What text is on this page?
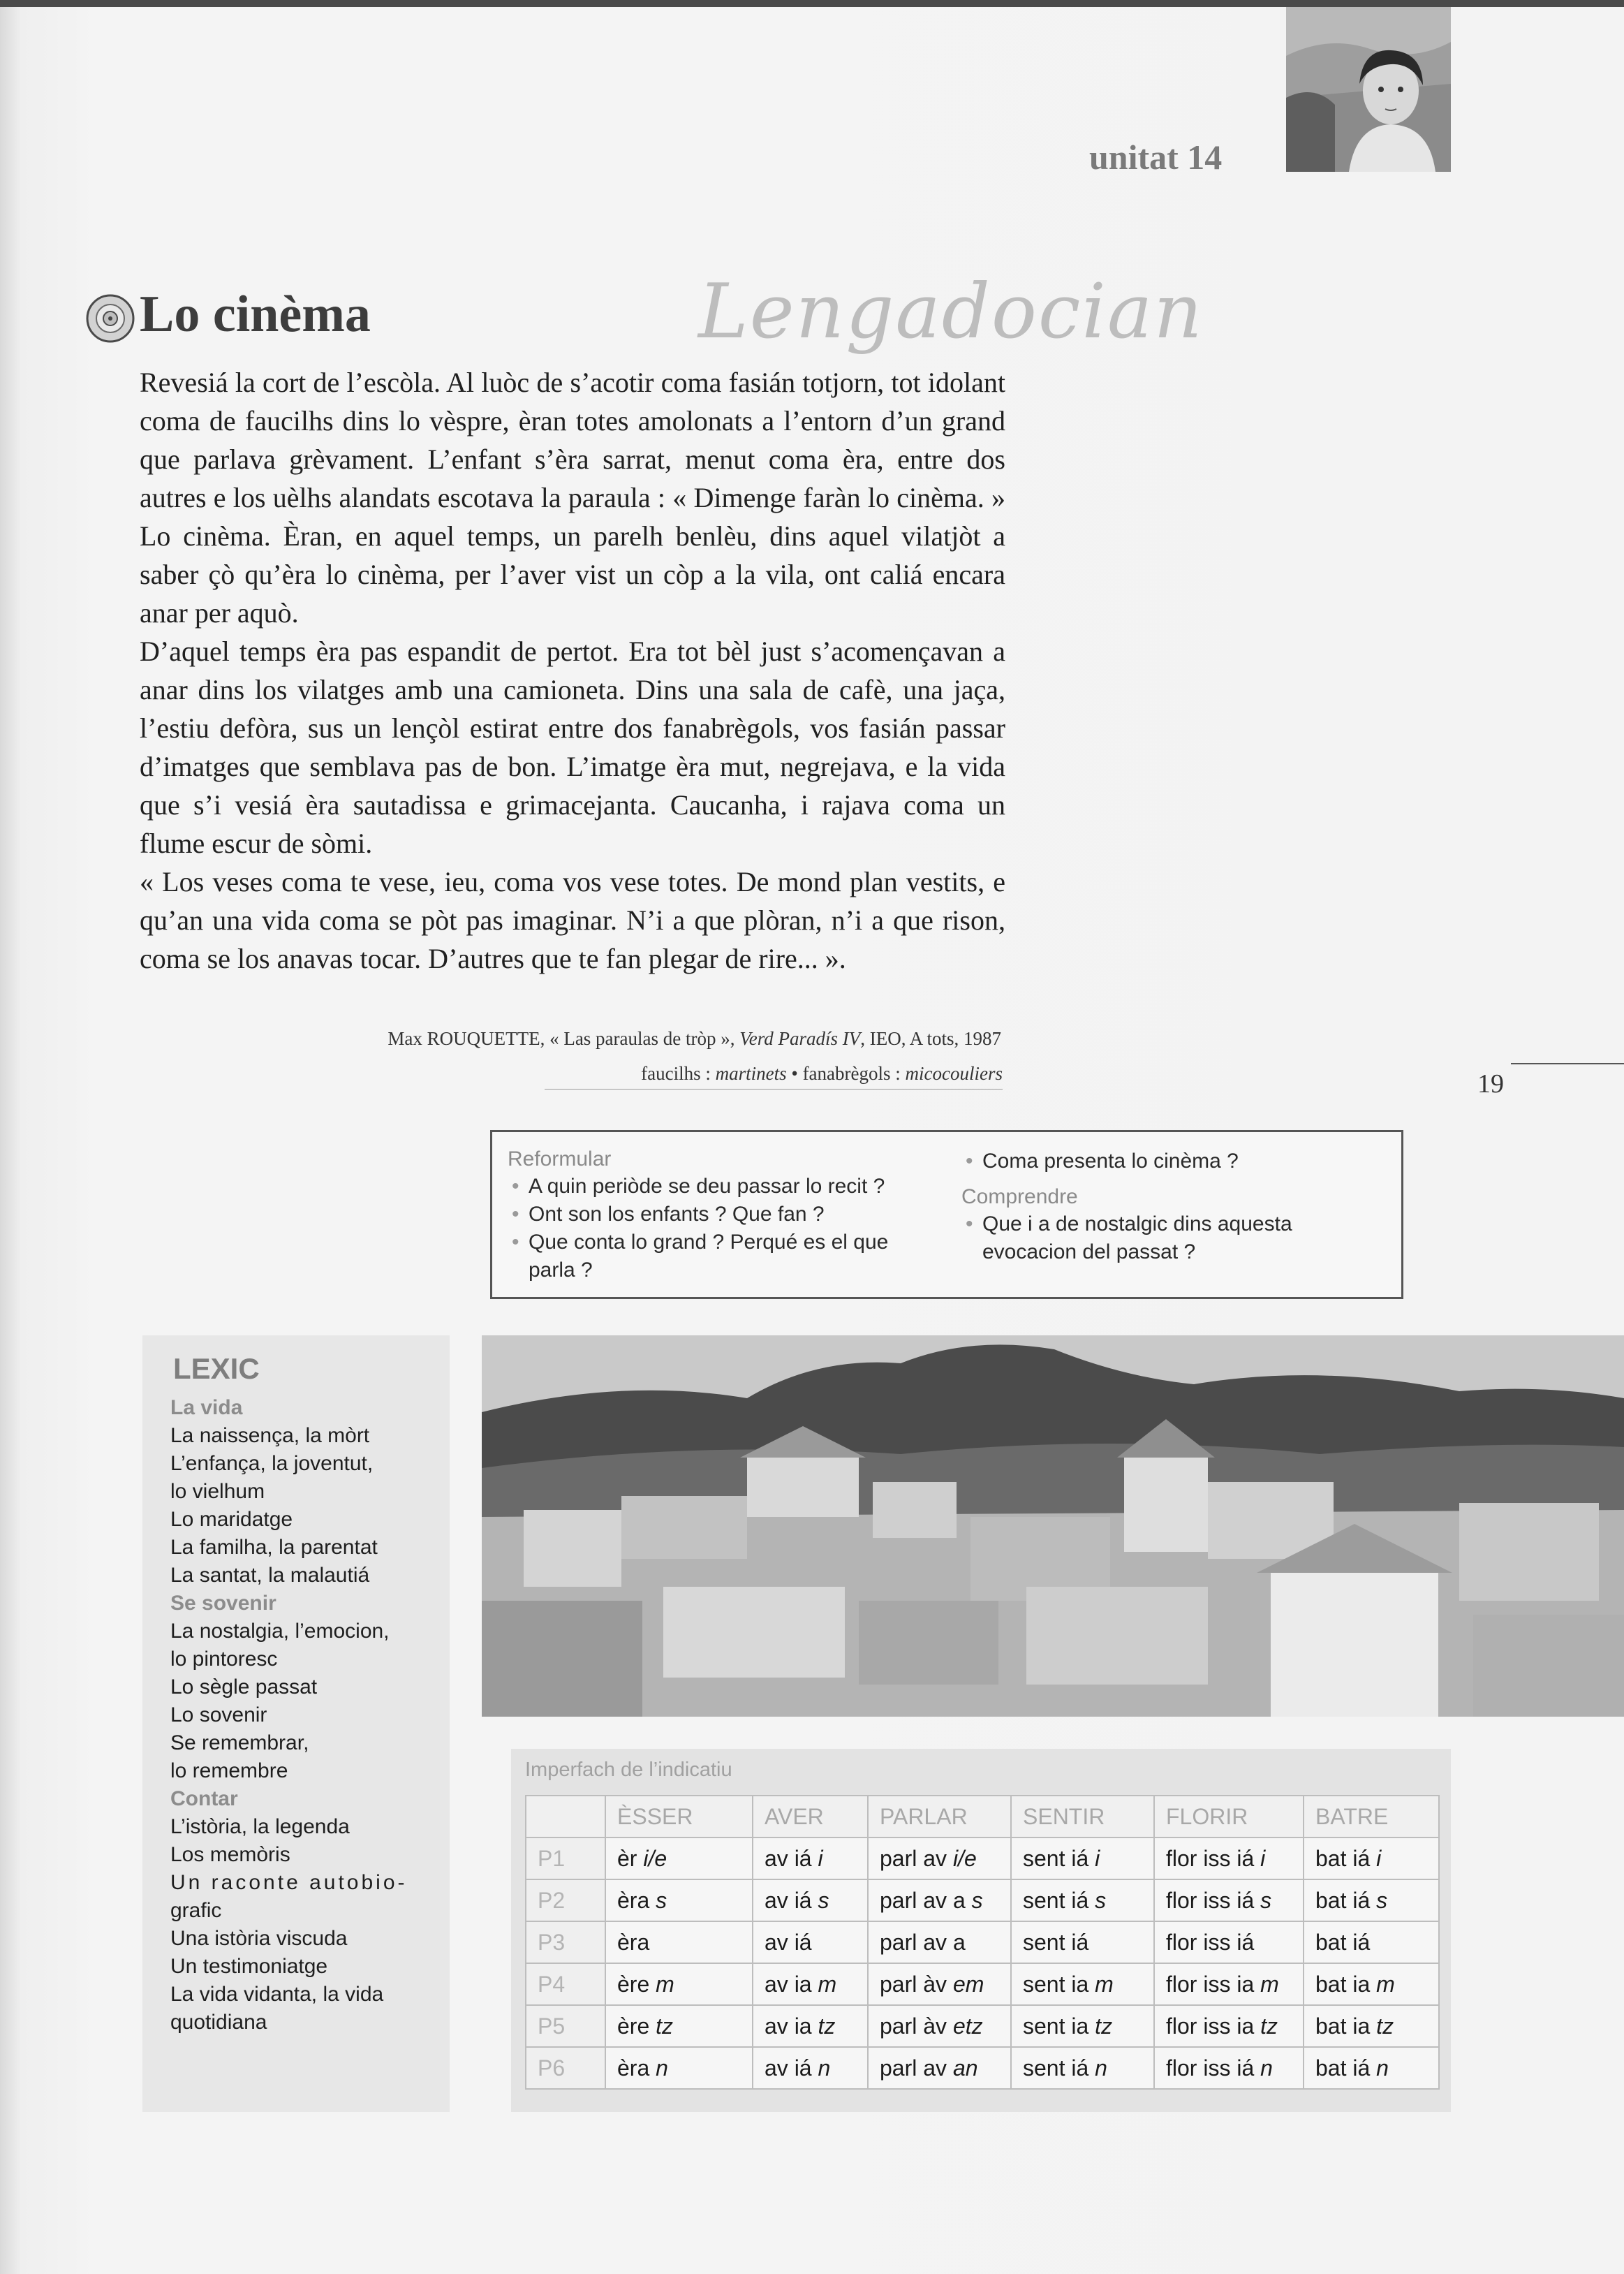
unitat 14
Lo cinèma	Lengadocian

Revesiá la cort de l’escòla. Al luòc de s’acotir coma fasián totjorn, tot idolant coma de faucilhs dins lo vèspre, èran totes amolonats a l’entorn d’un grand que parlava grèvament. L’enfant s’èra sarrat, menut coma èra, entre dos autres e los uèlhs alandats escotava la paraula : « Dimenge faràn lo cinèma. » Lo cinèma. Èran, en aquel temps, un parelh benlèu, dins aquel vilatjòt a saber çò qu’èra lo cinèma, per l’aver vist un còp a la vila, ont caliá encara anar per aquò.

D’aquel temps èra pas espandit de pertot. Era tot bèl just s’acomençavan a anar dins los vilatges amb una camioneta. Dins una sala de cafè, una jaça, l’estiu defòra, sus un lençòl estirat entre dos fanabrègols, vos fasián passar d’imatges que semblava pas de bon. L’imatge èra mut, negrejava, e la vida que s’i vesiá èra sautadissa e grimacejanta. Caucanha, i rajava coma un flume escur de sòmi.

« Los veses coma te vese, ieu, coma vos vese totes. De mond plan vestits, e qu’an una vida coma se pòt pas imaginar. N’i a que plòran, n’i a que rison, coma se los anavas tocar. D’autres que te fan plegar de rire... ».

Max ROUQUETTE, « Las paraulas de tròp », Verd Paradís IV, IEO, A tots, 1987
faucilhs : martinets • fanabrègols : micocouliers	19
Reformular
• A quin periòde se deu passar lo recit ?
• Ont son los enfants ? Que fan ?
• Que conta lo grand ? Perqué es el que parla ?
• Coma presenta lo cinèma ?
Comprendre
• Que i a de nostalgic dins aquesta evocacion del passat ?
LEXIC
La vida
La naissença, la mòrt
L’enfança, la joventut,
lo vielhum
Lo maridatge
La familha, la parentat
La santat, la malautiá
Se sovenir
La nostalgia, l’emocion,
lo pintoresc
Lo sègle passat
Lo sovenir
Se remembrar,
lo remembre
Contar
L’istòria, la legenda
Los memòris
Un raconte autobio-
grafic
Una istòria viscuda
Un testimoniatge
La vida vidanta, la vida
quotidiana
Imperfach de l’indicatiu
	ÈSSER	AVER	PARLAR	SENTIR	FLORIR	BATRE
P1	èr i/e	av iá i	parl av i/e	sent iá i	flor iss iá i	bat iá i
P2	èra s	av iá s	parl av a s	sent iá s	flor iss iá s	bat iá s
P3	èra	av iá	parl av a	sent iá	flor iss iá	bat iá
P4	ère m	av ia m	parl àv em	sent ia m	flor iss ia m	bat ia m
P5	ère tz	av ia tz	parl àv etz	sent ia tz	flor iss ia tz	bat ia tz
P6	èra n	av iá n	parl av an	sent iá n	flor iss iá n	bat iá n
